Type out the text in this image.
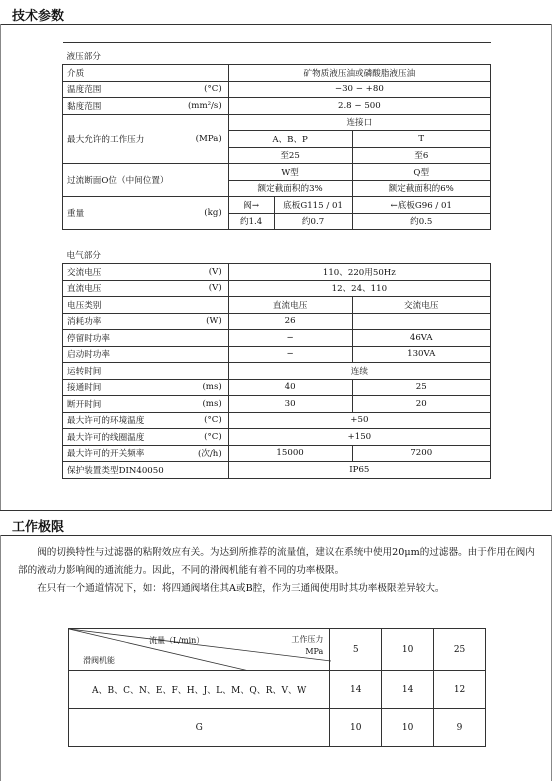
技术参数
液压部分				
介质		矿物质液压油或磷酸脂液压油		
温度范围	(°C)	−30 − +80		
黏度范围	(mm²/s)	2.8 − 500		
最大允许的工作压力	(MPa)	连接口		
		A、B、P		T
		至25		至6
过流断面O位（中间位置）		W型		Q型
		额定截面积的3%		额定截面积的6%
重量	(kg)	阀→	底板G115 / 01	←底板G96 / 01
		约1.4	约0.7	约0.5
电气部分				
交流电压	(V)	110、220用50Hz		
直流电压	(V)	12、24、110		
电压类别		直流电压		交流电压
消耗功率	(W)	26		
停留时功率		−		46VA
启动时功率		−		130VA
运转时间		连续		
接通时间	(ms)	40		25
断开时间	(ms)	30		20
最大许可的环境温度	(°C)	+50		
最大许可的线圈温度	(°C)	+150		
最大许可的开关频率	(次/h)	15000		7200
保护装置类型DIN40050		IP65		
工作极限

阀的切换特性与过滤器的粘附效应有关。为达到所推荐的流量值，建议在系统中使用20μm的过滤器。由于作用在阀内部的液动力影响阀的通流能力。因此，不同的滑阀机能有着不同的功率极限。

在只有一个通道情况下，如：将四通阀堵住其A或B腔，作为三通阀使用时其功率极限差异较大。

流量（L/min） 工作压力
MPa
滑阀机能	5	10	25
A、B、C、N、E、F、H、J、L、M、Q、R、V、W	14	14	12
G	10	10	9
